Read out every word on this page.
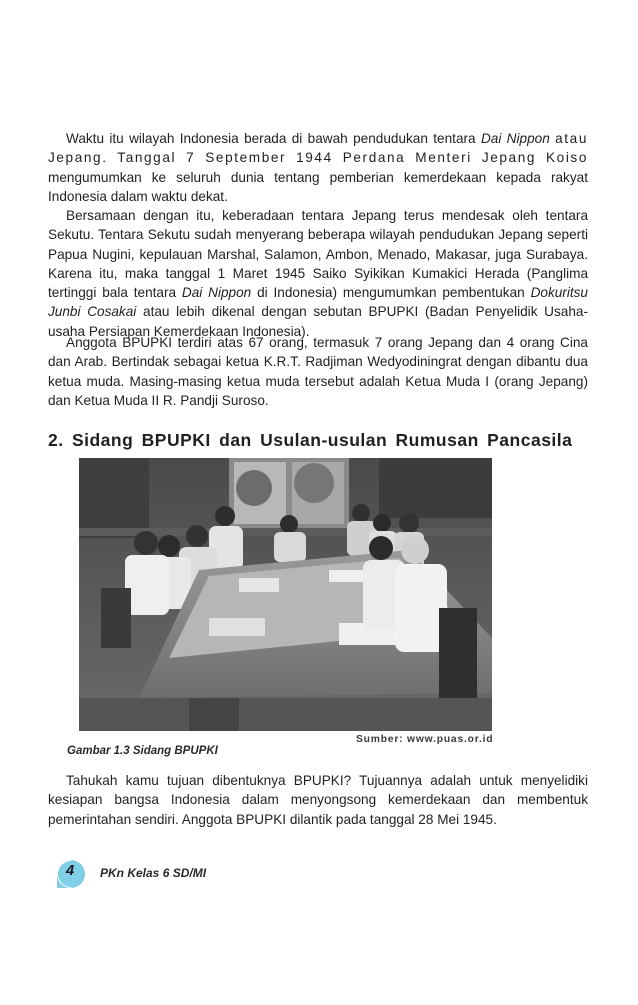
Waktu itu wilayah Indonesia berada di bawah pendudukan tentara Dai Nippon atau Jepang. Tanggal 7 September 1944 Perdana Menteri Jepang Koiso mengumumkan ke seluruh dunia tentang pemberian kemerdekaan kepada rakyat Indonesia dalam waktu dekat.

Bersamaan dengan itu, keberadaan tentara Jepang terus mendesak oleh tentara Sekutu. Tentara Sekutu sudah menyerang beberapa wilayah pendudukan Jepang seperti Papua Nugini, kepulauan Marshal, Salamon, Ambon, Menado, Makasar, juga Surabaya. Karena itu, maka tanggal 1 Maret 1945 Saiko Syikikan Kumakici Herada (Panglima tertinggi bala tentara Dai Nippon di Indonesia) mengumumkan pembentukan Dokuritsu Junbi Cosakai atau lebih dikenal dengan sebutan BPUPKI (Badan Penyelidik Usaha-usaha Persiapan Kemerdekaan Indonesia).

Anggota BPUPKI terdiri atas 67 orang, termasuk 7 orang Jepang dan 4 orang Cina dan Arab. Bertindak sebagai ketua K.R.T. Radjiman Wedyodiningrat dengan dibantu dua ketua muda. Masing-masing ketua muda tersebut adalah Ketua Muda I (orang Jepang) dan Ketua Muda II R. Pandji Suroso.

2. Sidang BPUPKI dan Usulan-usulan Rumusan Pancasila
Sumber: www.puas.or.id
Gambar 1.3 Sidang BPUPKI

Tahukah kamu tujuan dibentuknya BPUPKI? Tujuannya adalah untuk menyelidiki kesiapan bangsa Indonesia dalam menyongsong kemerdekaan dan membentuk pemerintahan sendiri. Anggota BPUPKI dilantik pada tanggal 28 Mei 1945.

4	PKn Kelas 6 SD/MI
